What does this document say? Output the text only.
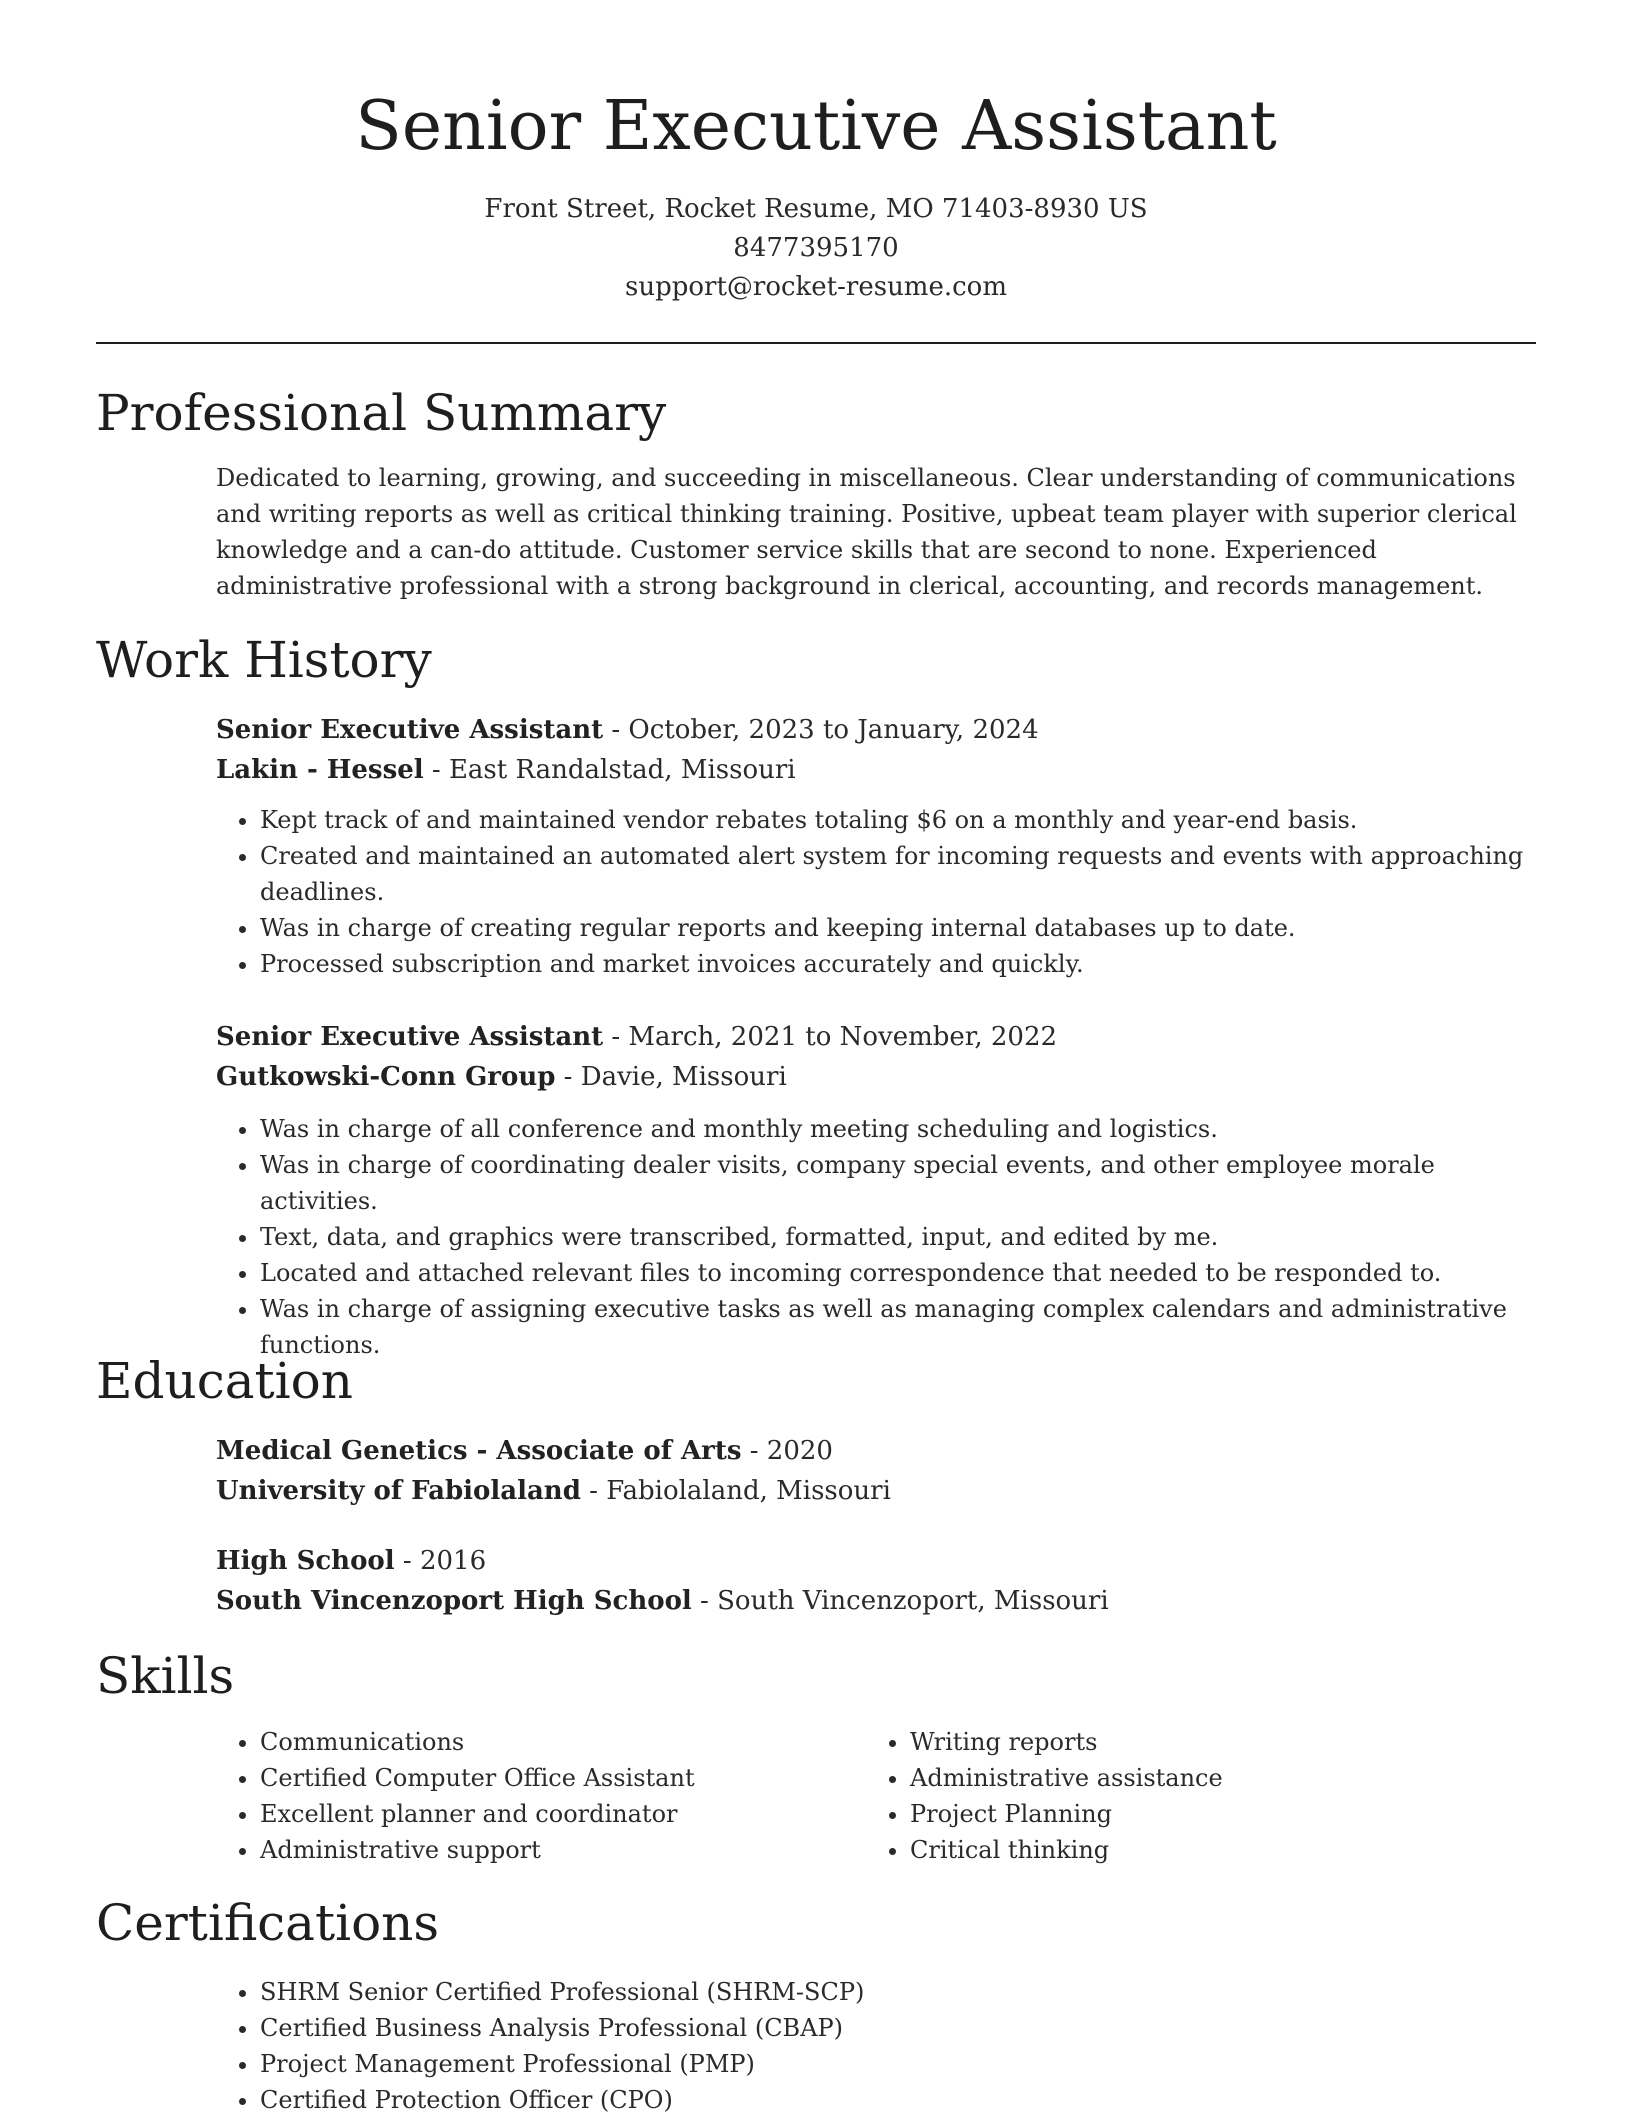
Senior Executive Assistant
Front Street, Rocket Resume, MO 71403-8930 US
8477395170
support@rocket-resume.com
Professional Summary
Dedicated to learning, growing, and succeeding in miscellaneous. Clear understanding of communications and writing reports as well as critical thinking training. Positive, upbeat team player with superior clerical knowledge and a can-do attitude. Customer service skills that are second to none. Experienced administrative professional with a strong background in clerical, accounting, and records management.
Work History
Senior Executive Assistant - October, 2023 to January, 2024
Lakin - Hessel - East Randalstad, Missouri
• Kept track of and maintained vendor rebates totaling $6 on a monthly and year-end basis.
• Created and maintained an automated alert system for incoming requests and events with approaching deadlines.
• Was in charge of creating regular reports and keeping internal databases up to date.
• Processed subscription and market invoices accurately and quickly.
Senior Executive Assistant - March, 2021 to November, 2022
Gutkowski-Conn Group - Davie, Missouri
• Was in charge of all conference and monthly meeting scheduling and logistics.
• Was in charge of coordinating dealer visits, company special events, and other employee morale activities.
• Text, data, and graphics were transcribed, formatted, input, and edited by me.
• Located and attached relevant files to incoming correspondence that needed to be responded to.
• Was in charge of assigning executive tasks as well as managing complex calendars and administrative functions.
Education
Medical Genetics - Associate of Arts - 2020
University of Fabiolaland - Fabiolaland, Missouri
High School - 2016
South Vincenzoport High School - South Vincenzoport, Missouri
Skills
• Communications
• Certified Computer Office Assistant
• Excellent planner and coordinator
• Administrative support
• Writing reports
• Administrative assistance
• Project Planning
• Critical thinking
Certifications
• SHRM Senior Certified Professional (SHRM-SCP)
• Certified Business Analysis Professional (CBAP)
• Project Management Professional (PMP)
• Certified Protection Officer (CPO)
